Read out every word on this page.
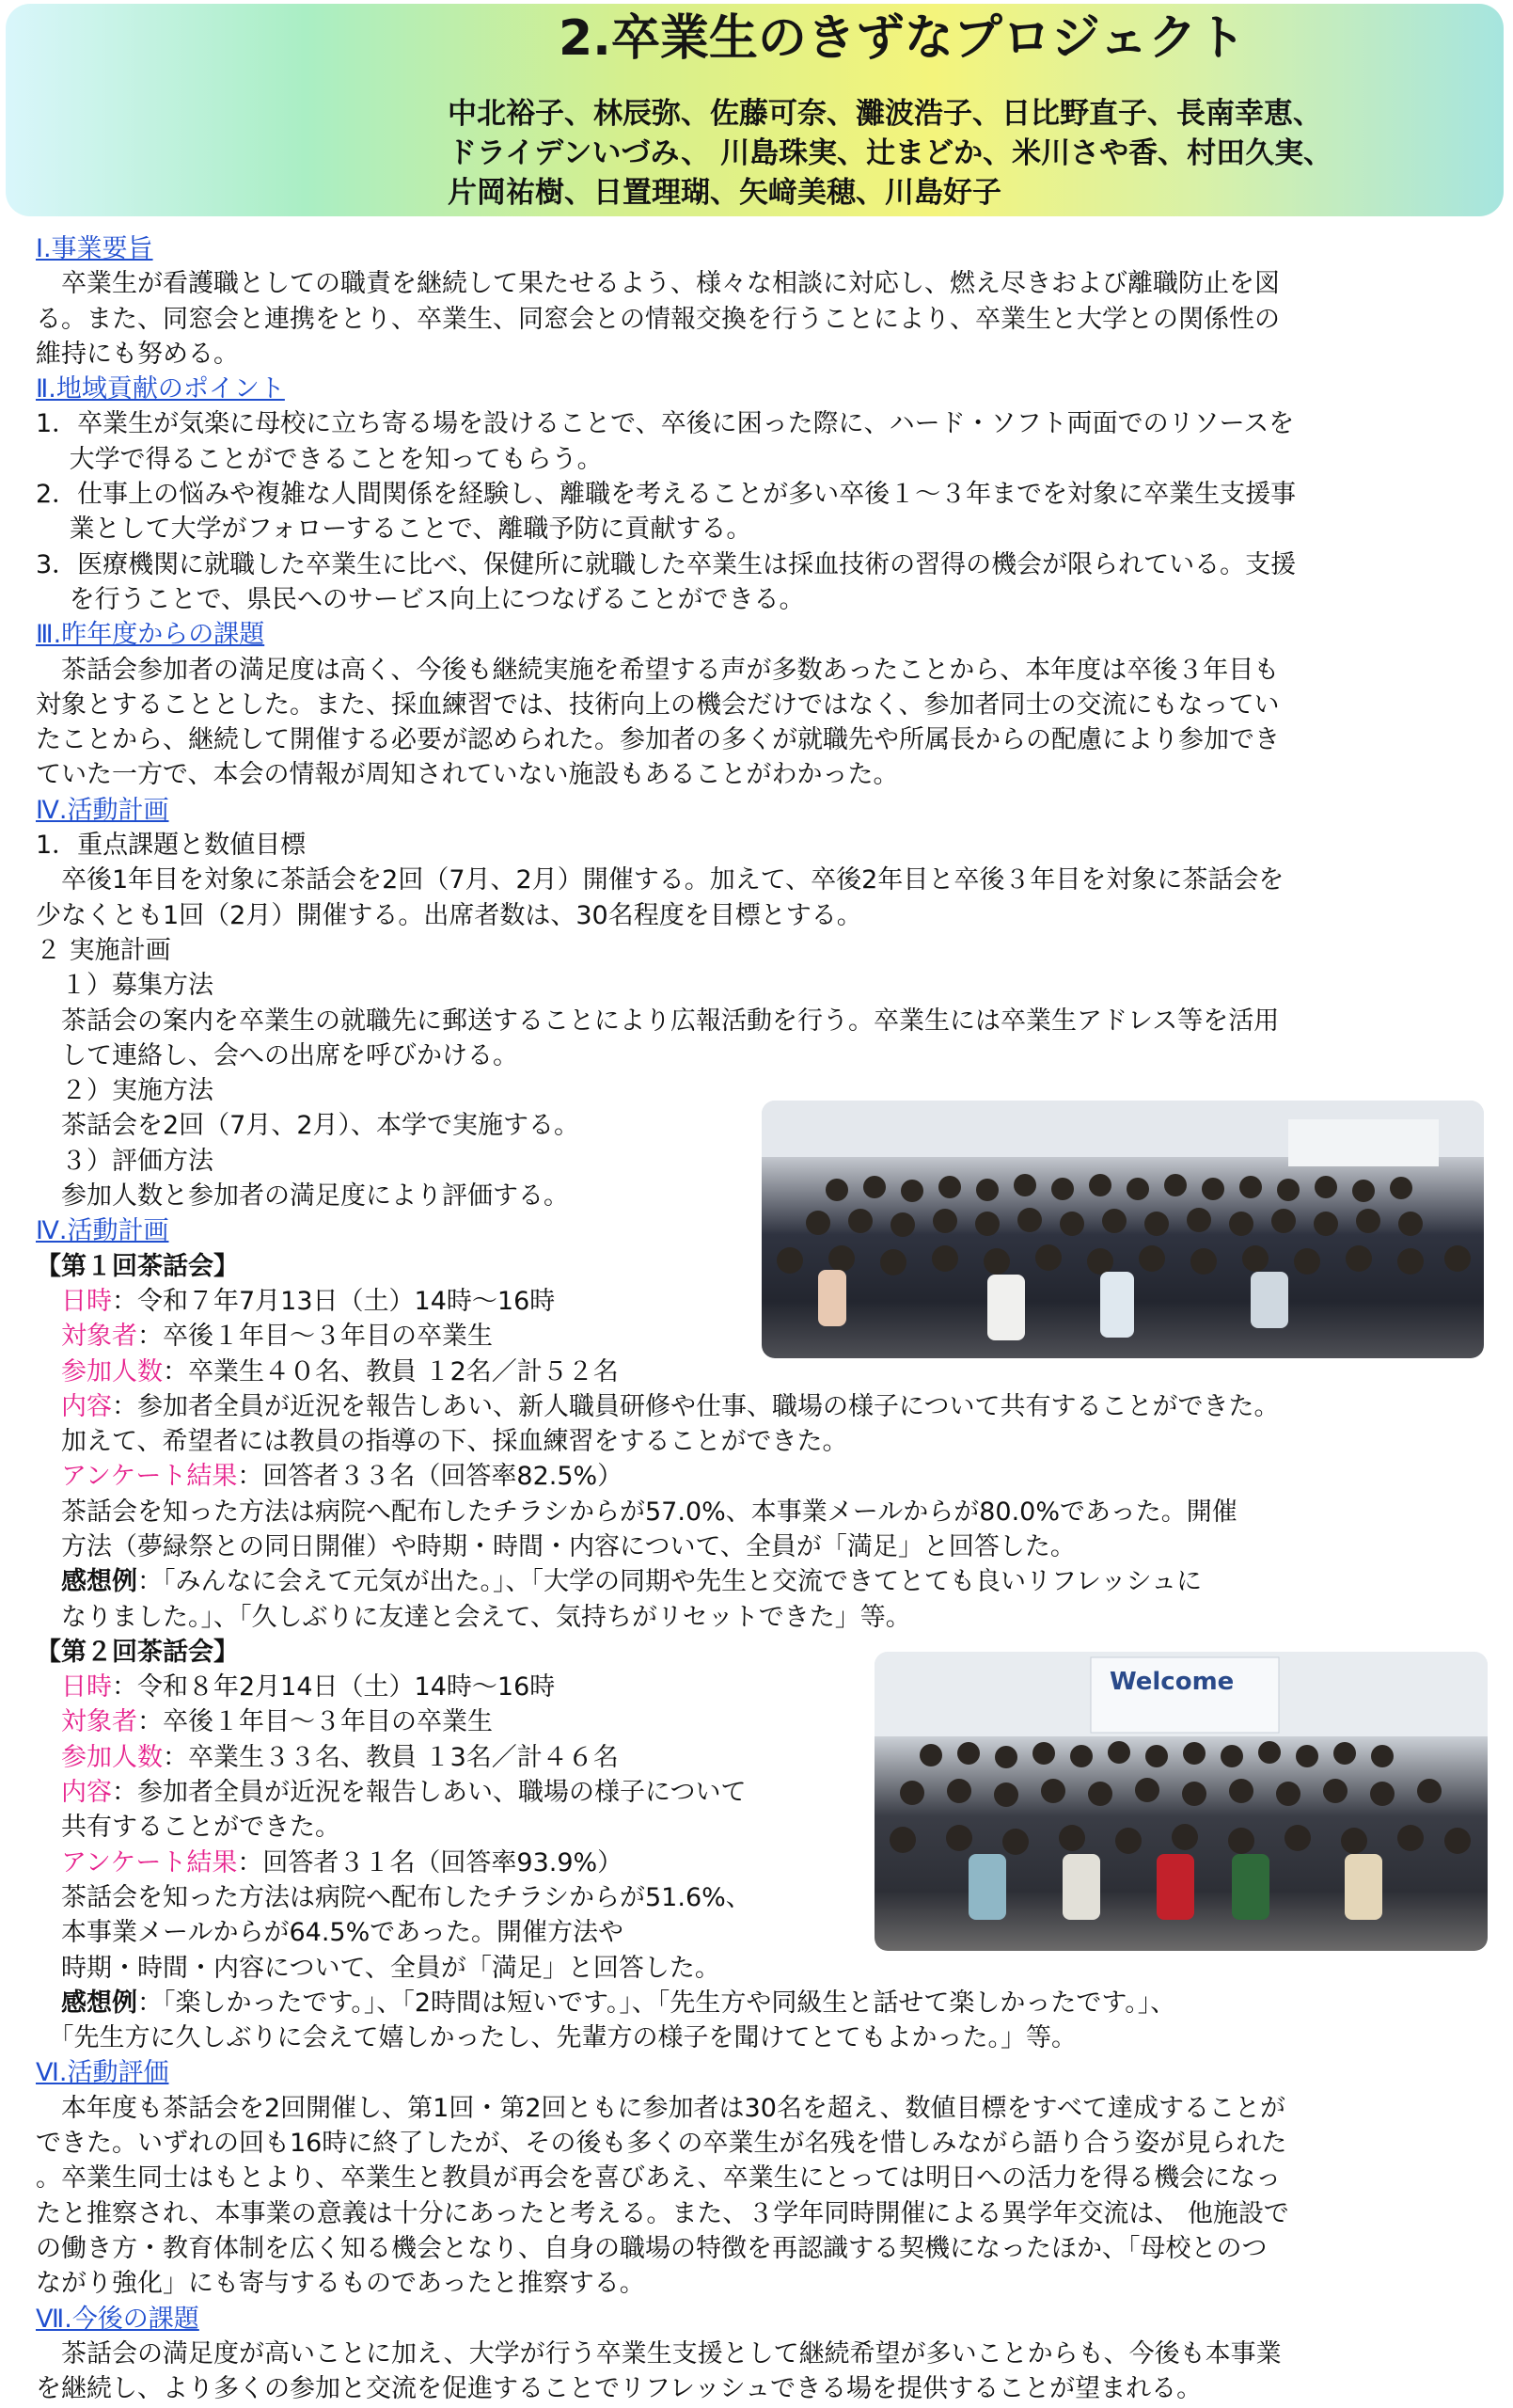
2.卒業生のきずなプロジェクト
中北裕子、林辰弥、佐藤可奈、灘波浩子、日比野直子、長南幸恵、
ドライデンいづみ、 川島珠実、辻まどか、米川さや香、村田久実、
片岡祐樹、日置理瑚、矢﨑美穂、川島好子
Welcome
Ⅰ.事業要旨
　卒業生が看護職としての職責を継続して果たせるよう、様々な相談に対応し、燃え尽きおよび離職防止を図
る。また、同窓会と連携をとり、卒業生、同窓会との情報交換を行うことにより、卒業生と大学との関係性の
維持にも努める。
Ⅱ.地域貢献のポイント
1．卒業生が気楽に母校に立ち寄る場を設けることで、卒後に困った際に、ハード・ソフト両面でのリソースを
　 大学で得ることができることを知ってもらう。
2．仕事上の悩みや複雑な人間関係を経験し、離職を考えることが多い卒後１～３年までを対象に卒業生支援事
　 業として大学がフォローすることで、離職予防に貢献する。
3．医療機関に就職した卒業生に比べ、保健所に就職した卒業生は採血技術の習得の機会が限られている。支援
　 を行うことで、県民へのサービス向上につなげることができる。
Ⅲ.昨年度からの課題
　茶話会参加者の満足度は高く、今後も継続実施を希望する声が多数あったことから、本年度は卒後３年目も
対象とすることとした。また、採血練習では、技術向上の機会だけではなく、参加者同士の交流にもなってい
たことから、継続して開催する必要が認められた。参加者の多くが就職先や所属長からの配慮により参加でき
ていた一方で、本会の情報が周知されていない施設もあることがわかった。
Ⅳ.活動計画
1．重点課題と数値目標
　卒後1年目を対象に茶話会を2回（7月、2月）開催する。加えて、卒後2年目と卒後３年目を対象に茶話会を
少なくとも1回（2月）開催する。出席者数は、30名程度を目標とする。
２ 実施計画
　１）募集方法
　茶話会の案内を卒業生の就職先に郵送することにより広報活動を行う。卒業生には卒業生アドレス等を活用
　して連絡し、会への出席を呼びかける。
　２）実施方法
　茶話会を2回（7月、2月）、本学で実施する。
　３）評価方法
　参加人数と参加者の満足度により評価する。
Ⅳ.活動計画
【第１回茶話会】
　日時：令和７年7月13日（土）14時～16時
　対象者：卒後１年目～３年目の卒業生
　参加人数：卒業生４０名、教員 １2名／計５２名
　内容：参加者全員が近況を報告しあい、新人職員研修や仕事、職場の様子について共有することができた。
　加えて、希望者には教員の指導の下、採血練習をすることができた。
　アンケート結果：回答者３３名（回答率82.5%）
　茶話会を知った方法は病院へ配布したチラシからが57.0%、本事業メールからが80.0%であった。開催
　方法（夢緑祭との同日開催）や時期・時間・内容について、全員が「満足」と回答した。
　感想例：「みんなに会えて元気が出た。」、「大学の同期や先生と交流できてとても良いリフレッシュに
　なりました。」、「久しぶりに友達と会えて、気持ちがリセットできた」等。
【第２回茶話会】
　日時：令和８年2月14日（土）14時～16時
　対象者：卒後１年目～３年目の卒業生
　参加人数：卒業生３３名、教員 １3名／計４６名
　内容：参加者全員が近況を報告しあい、職場の様子について
　共有することができた。
　アンケート結果：回答者３１名（回答率93.9%）
　茶話会を知った方法は病院へ配布したチラシからが51.6%、
　本事業メールからが64.5%であった。開催方法や
　時期・時間・内容について、全員が「満足」と回答した。
　感想例：「楽しかったです。」、「2時間は短いです。」、「先生方や同級生と話せて楽しかったです。」、
　「先生方に久しぶりに会えて嬉しかったし、先輩方の様子を聞けてとてもよかった。」等。
Ⅵ.活動評価
　本年度も茶話会を2回開催し、第1回・第2回ともに参加者は30名を超え、数値目標をすべて達成することが
できた。いずれの回も16時に終了したが、その後も多くの卒業生が名残を惜しみながら語り合う姿が見られた
。卒業生同士はもとより、卒業生と教員が再会を喜びあえ、卒業生にとっては明日への活力を得る機会になっ
たと推察され、本事業の意義は十分にあったと考える。また、３学年同時開催による異学年交流は、 他施設で
の働き方・教育体制を広く知る機会となり、自身の職場の特徴を再認識する契機になったほか、「母校とのつ
ながり強化」にも寄与するものであったと推察する。
Ⅶ.今後の課題
　茶話会の満足度が高いことに加え、大学が行う卒業生支援として継続希望が多いことからも、今後も本事業
を継続し、より多くの参加と交流を促進することでリフレッシュできる場を提供することが望まれる。
